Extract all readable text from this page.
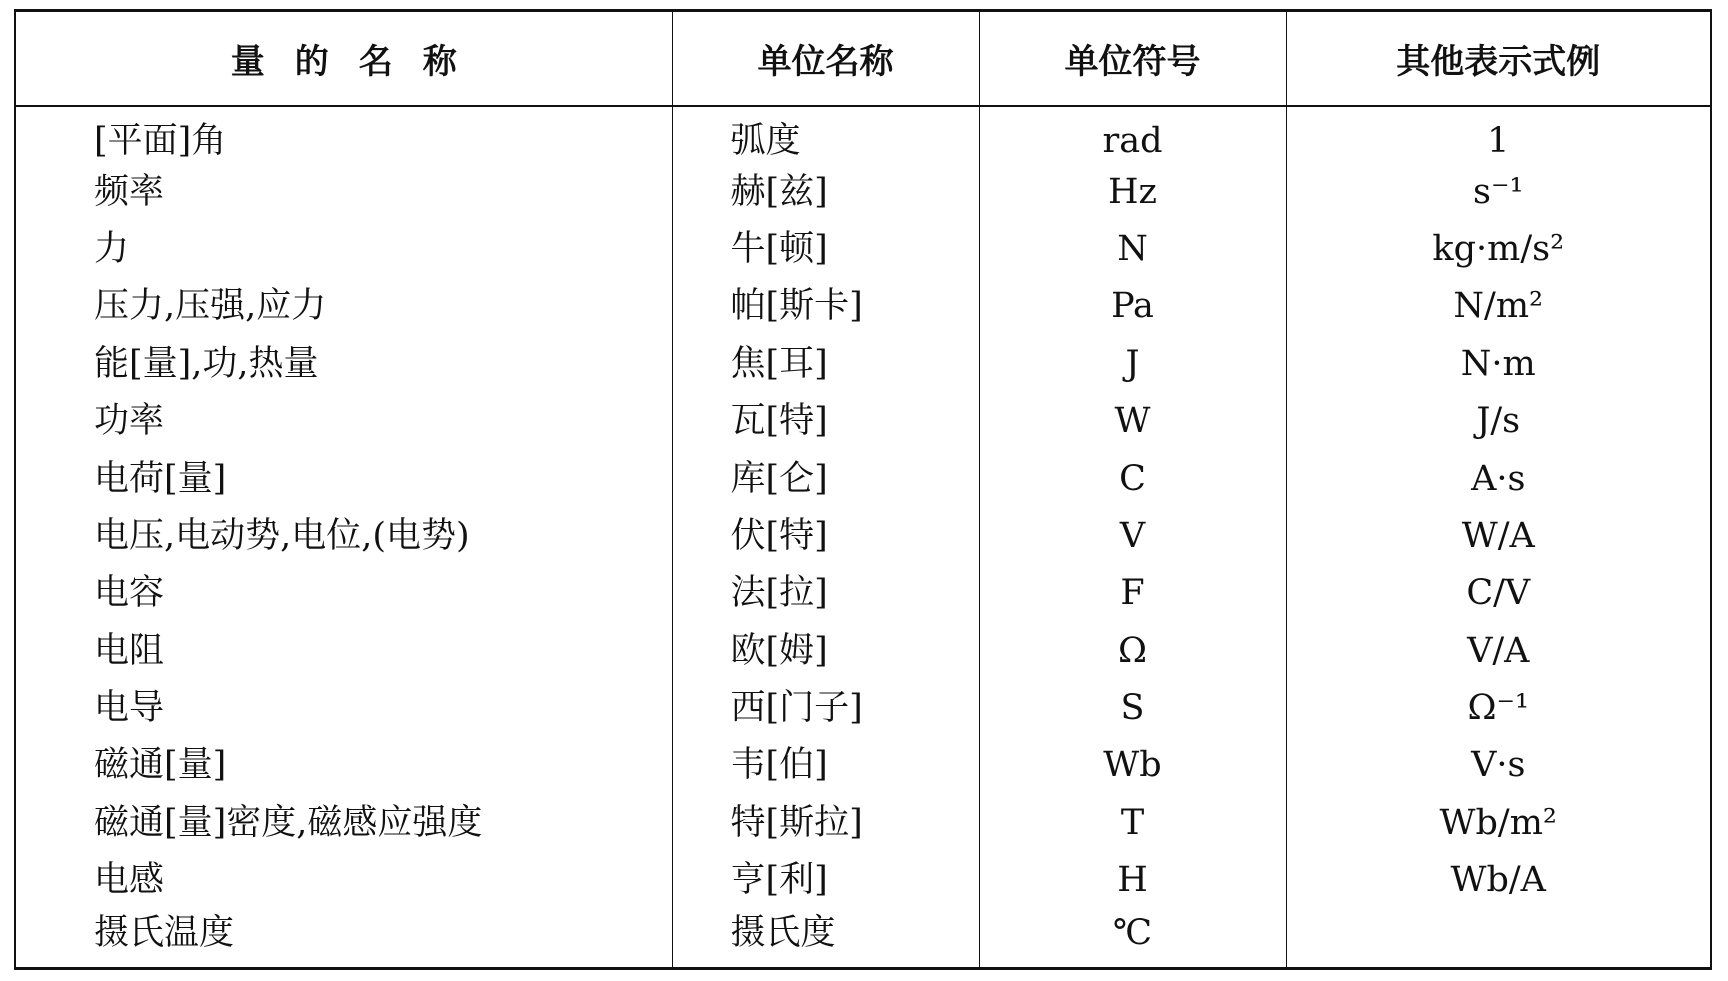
量的名称	单位名称	单位符号	其他表示式例
[平面]角	弧度	rad	1
频率	赫[兹]	Hz	s⁻¹
力	牛[顿]	N	kg·m/s²
压力,压强,应力	帕[斯卡]	Pa	N/m²
能[量],功,热量	焦[耳]	J	N·m
功率	瓦[特]	W	J/s
电荷[量]	库[仑]	C	A·s
电压,电动势,电位,(电势)	伏[特]	V	W/A
电容	法[拉]	F	C/V
电阻	欧[姆]	Ω	V/A
电导	西[门子]	S	Ω⁻¹
磁通[量]	韦[伯]	Wb	V·s
磁通[量]密度,磁感应强度	特[斯拉]	T	Wb/m²
电感	亨[利]	H	Wb/A
摄氏温度	摄氏度	℃	
